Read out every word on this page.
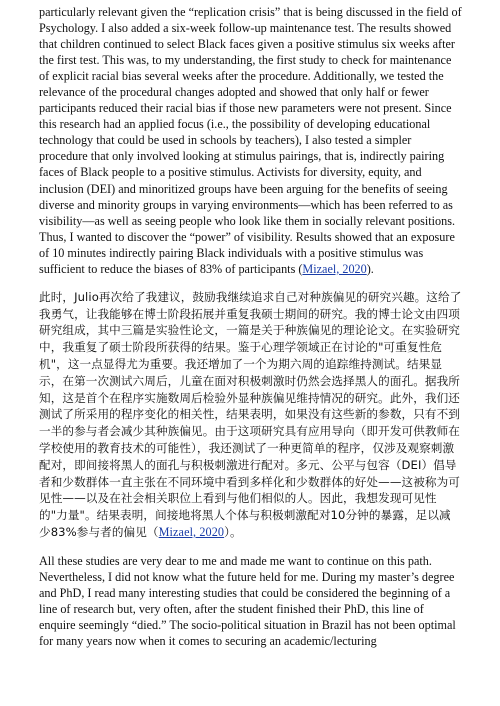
particularly relevant given the “replication crisis” that is being discussed in the field of Psychology. I also added a six-week follow-up maintenance test. The results showed that children continued to select Black faces given a positive stimulus six weeks after the first test. This was, to my understanding, the first study to check for maintenance of explicit racial bias several weeks after the procedure. Additionally, we tested the relevance of the procedural changes adopted and showed that only half or fewer participants reduced their racial bias if those new parameters were not present. Since this research had an applied focus (i.e., the possibility of developing educational technology that could be used in schools by teachers), I also tested a simpler procedure that only involved looking at stimulus pairings, that is, indirectly pairing faces of Black people to a positive stimulus. Activists for diversity, equity, and inclusion (DEI) and minoritized groups have been arguing for the benefits of seeing diverse and minority groups in varying environments—which has been referred to as visibility—as well as seeing people who look like them in socially relevant positions. Thus, I wanted to discover the “power” of visibility. Results showed that an exposure of 10 minutes indirectly pairing Black individuals with a positive stimulus was sufficient to reduce the biases of 83% of participants (Mizael, 2020).

此时，Julio再次给了我建议，鼓励我继续追求自己对种族偏见的研究兴趣。这给了我勇气，让我能够在博士阶段拓展并重复我硕士期间的研究。我的博士论文由四项研究组成，其中三篇是实验性论文，一篇是关于种族偏见的理论论文。在实验研究中，我重复了硕士阶段所获得的结果。鉴于心理学领域正在讨论的"可重复性危机"，这一点显得尤为重要。我还增加了一个为期六周的追踪维持测试。结果显示，在第一次测试六周后，儿童在面对积极刺激时仍然会选择黑人的面孔。据我所知，这是首个在程序实施数周后检验外显种族偏见维持情况的研究。此外，我们还测试了所采用的程序变化的相关性，结果表明，如果没有这些新的参数，只有不到一半的参与者会减少其种族偏见。由于这项研究具有应用导向（即开发可供教师在学校使用的教育技术的可能性），我还测试了一种更简单的程序，仅涉及观察刺激配对，即间接将黑人的面孔与积极刺激进行配对。多元、公平与包容（DEI）倡导者和少数群体一直主张在不同环境中看到多样化和少数群体的好处——这被称为可见性——以及在社会相关职位上看到与他们相似的人。因此，我想发现可见性的"力量"。结果表明，间接地将黑人个体与积极刺激配对10分钟的暴露，足以减少83%参与者的偏见（Mizael, 2020）。

All these studies are very dear to me and made me want to continue on this path. Nevertheless, I did not know what the future held for me. During my master’s degree and PhD, I read many interesting studies that could be considered the beginning of a line of research but, very often, after the student finished their PhD, this line of enquire seemingly “died.” The socio-political situation in Brazil has not been optimal for many years now when it comes to securing an academic/lecturing
